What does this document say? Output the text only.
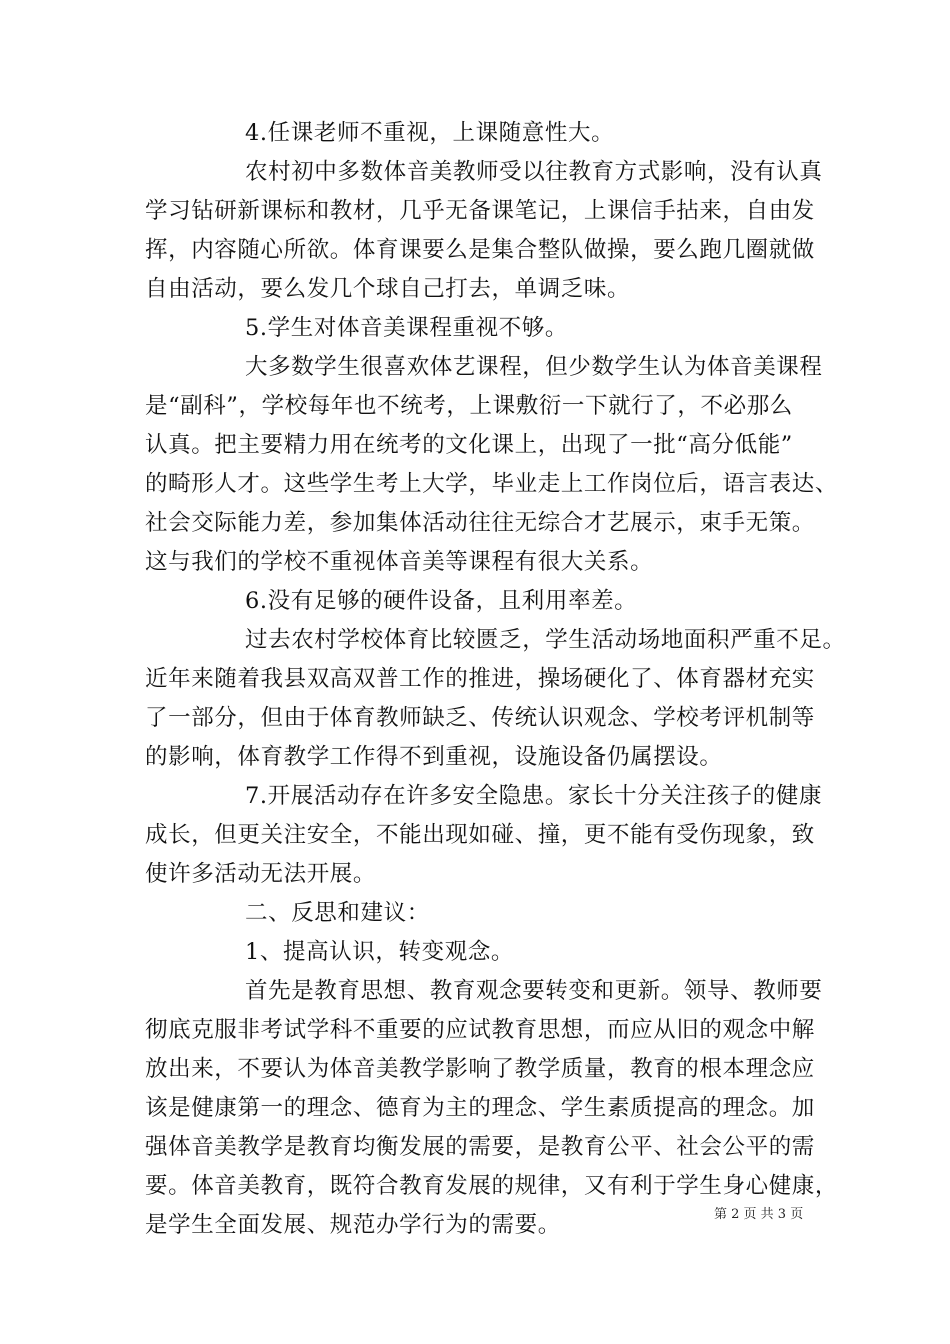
4.任课老师不重视，上课随意性大。
农村初中多数体音美教师受以往教育方式影响，没有认真
学习钻研新课标和教材，几乎无备课笔记，上课信手拈来，自由发
挥，内容随心所欲。体育课要么是集合整队做操，要么跑几圈就做
自由活动，要么发几个球自己打去，单调乏味。
5.学生对体音美课程重视不够。
大多数学生很喜欢体艺课程，但少数学生认为体音美课程
是“副科”，学校每年也不统考，上课敷衍一下就行了，不必那么
认真。把主要精力用在统考的文化课上，出现了一批“高分低能”
的畸形人才。这些学生考上大学，毕业走上工作岗位后，语言表达、
社会交际能力差，参加集体活动往往无综合才艺展示，束手无策。
这与我们的学校不重视体音美等课程有很大关系。
6.没有足够的硬件设备，且利用率差。
过去农村学校体育比较匮乏，学生活动场地面积严重不足。
近年来随着我县双高双普工作的推进，操场硬化了、体育器材充实
了一部分，但由于体育教师缺乏、传统认识观念、学校考评机制等
的影响，体育教学工作得不到重视，设施设备仍属摆设。
7.开展活动存在许多安全隐患。家长十分关注孩子的健康
成长，但更关注安全，不能出现如碰、撞，更不能有受伤现象，致
使许多活动无法开展。
二、反思和建议：
1、提高认识，转变观念。
首先是教育思想、教育观念要转变和更新。领导、教师要
彻底克服非考试学科不重要的应试教育思想，而应从旧的观念中解
放出来，不要认为体音美教学影响了教学质量，教育的根本理念应
该是健康第一的理念、德育为主的理念、学生素质提高的理念。加
强体音美教学是教育均衡发展的需要，是教育公平、社会公平的需
要。体音美教育，既符合教育发展的规律，又有利于学生身心健康，
是学生全面发展、规范办学行为的需要。	第 2 页 共 3 页
